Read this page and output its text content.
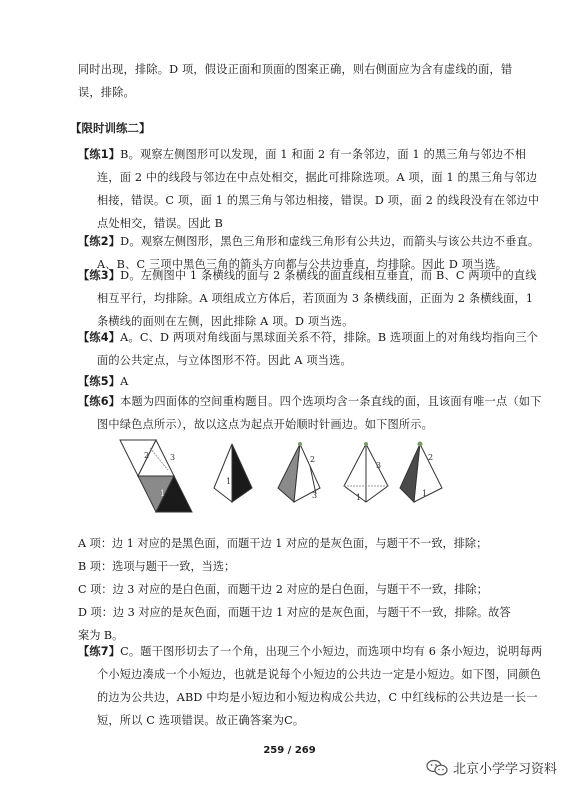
同时出现，排除。D 项，假设正面和顶面的图案正确，则右侧面应为含有虚线的面，错误，排除。

【限时训练二】

【练1】B。观察左侧图形可以发现，面 1 和面 2 有一条邻边，面 1 的黑三角与邻边不相连，面 2 中的线段与邻边在中点处相交，据此可排除选项。A 项，面 1 的黑三角与邻边相接，错误。C 项，面 1 的黑三角与邻边相接，错误。D 项，面 2 的线段没有在邻边中点处相交，错误。因此 B

【练2】D。观察左侧图形，黑色三角形和虚线三角形有公共边，而箭头与该公共边不垂直。A、B、C 三项中黑色三角的箭头方向都与公共边垂直，均排除。因此 D 项当选。

【练3】D。左侧图中 1 条横线的面与 2 条横线的面直线相互垂直，而 B、C 两项中的直线相互平行，均排除。A 项组成立方体后，若顶面为 3 条横线面，正面为 2 条横线面，1 条横线的面则在左侧，因此排除 A 项。D 项当选。

【练4】A。C、D 两项对角线面与黑球面关系不符，排除。B 选项面上的对角线均指向三个面的公共定点，与立体图形不符。因此 A 项当选。

【练5】A

【练6】本题为四面体的空间重构题目。四个选项均含一条直线的面，且该面有唯一点（如下图中绿色点所示），故以这点为起点开始顺时针画边。如下图所示。

2	3
1
1
2
3	1
3
2
1

A 项：边 1 对应的是黑色面，而题干边 1 对应的是灰色面，与题干不一致，排除；

B 项：选项与题干一致，当选；

C 项：边 3 对应的是白色面，而题干边 2 对应的是白色面，与题干不一致，排除；

D 项：边 3 对应的是灰色面，而题干边 1 对应的是灰色面，与题干不一致，排除。故答案为 B。

【练7】C。题干图形切去了一个角，出现三个小短边，而选项中均有 6 条小短边，说明每两个小短边凑成一个小短边，也就是说每个小短边的公共边一定是小短边。如下图，同颜色的边为公共边，ABD 中均是小短边和小短边构成公共边，C 中红线标的公共边是一长一短，所以 C 选项错误。故正确答案为C。

259 / 269
北京小学学习资料
